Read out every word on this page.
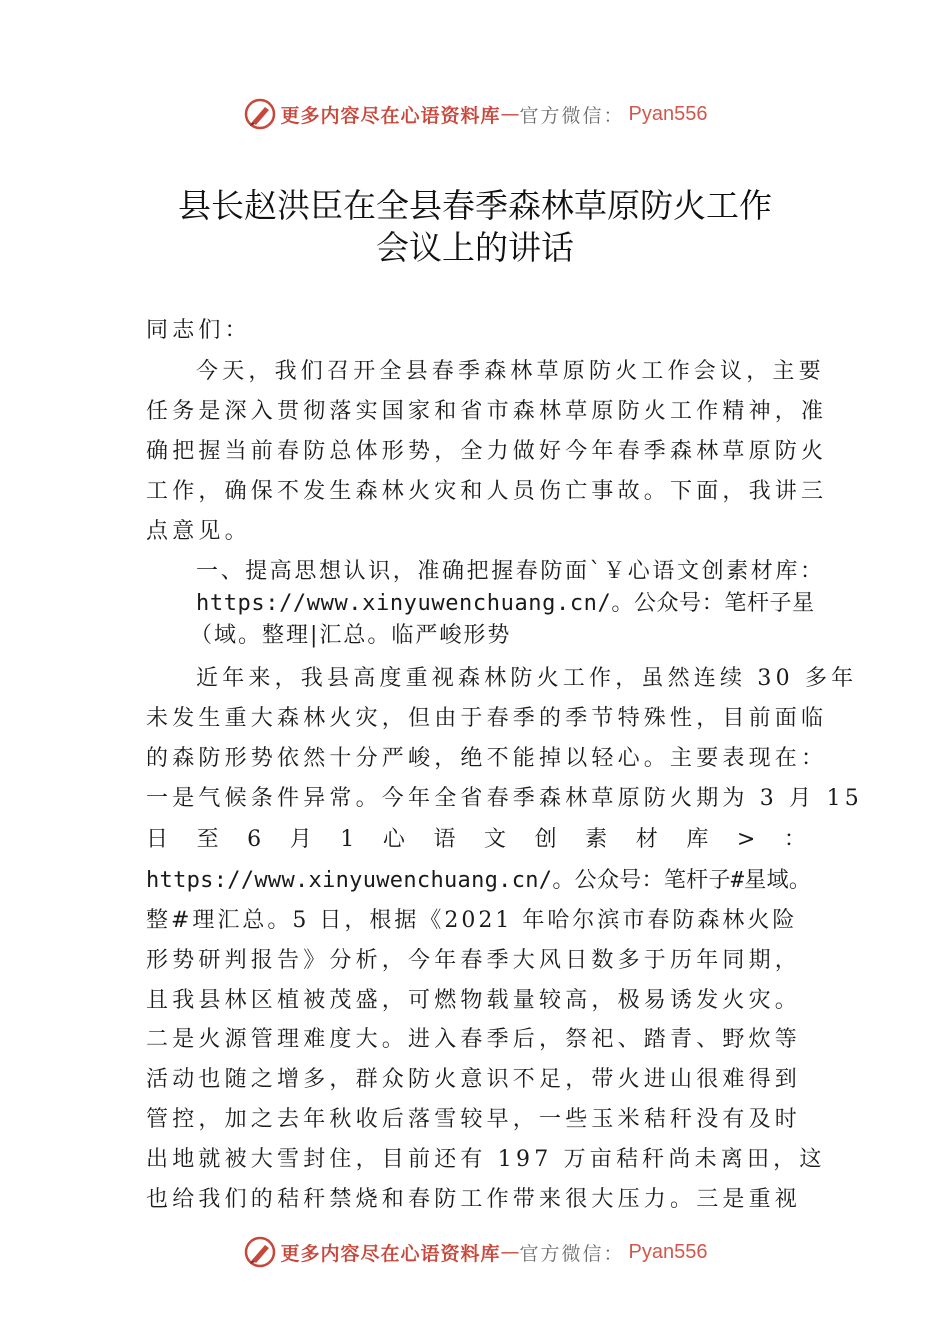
更多内容尽在心语资料库 — 官方微信： Pyan556
县长赵洪臣在全县春季森林草原防火工作
会议上的讲话
同志们：
今天，我们召开全县春季森林草原防火工作会议，主要
任务是深入贯彻落实国家和省市森林草原防火工作精神，准
确把握当前春防总体形势，全力做好今年春季森林草原防火
工作，确保不发生森林火灾和人员伤亡事故。下面，我讲三
点意见。
一、提高思想认识，准确把握春防面`￥心语文创素材库：
https://www.xinyuwenchuang.cn/。公众号：笔杆子星
（域。整理|汇总。临严峻形势
近年来，我县高度重视森林防火工作，虽然连续 30 多年
未发生重大森林火灾，但由于春季的季节特殊性，目前面临
的森防形势依然十分严峻，绝不能掉以轻心。主要表现在：
一是气候条件异常。今年全省春季森林草原防火期为 3 月 15
日 至 6 月 1 心 语 文 创 素 材 库 > ：
https://www.xinyuwenchuang.cn/。公众号：笔杆子#星域。
整#理汇总。5 日，根据《2021 年哈尔滨市春防森林火险
形势研判报告》分析，今年春季大风日数多于历年同期，
且我县林区植被茂盛，可燃物载量较高，极易诱发火灾。
二是火源管理难度大。进入春季后，祭祀、踏青、野炊等
活动也随之增多，群众防火意识不足，带火进山很难得到
管控，加之去年秋收后落雪较早，一些玉米秸秆没有及时
出地就被大雪封住，目前还有 197 万亩秸秆尚未离田，这
也给我们的秸秆禁烧和春防工作带来很大压力。三是重视
更多内容尽在心语资料库 — 官方微信： Pyan556
